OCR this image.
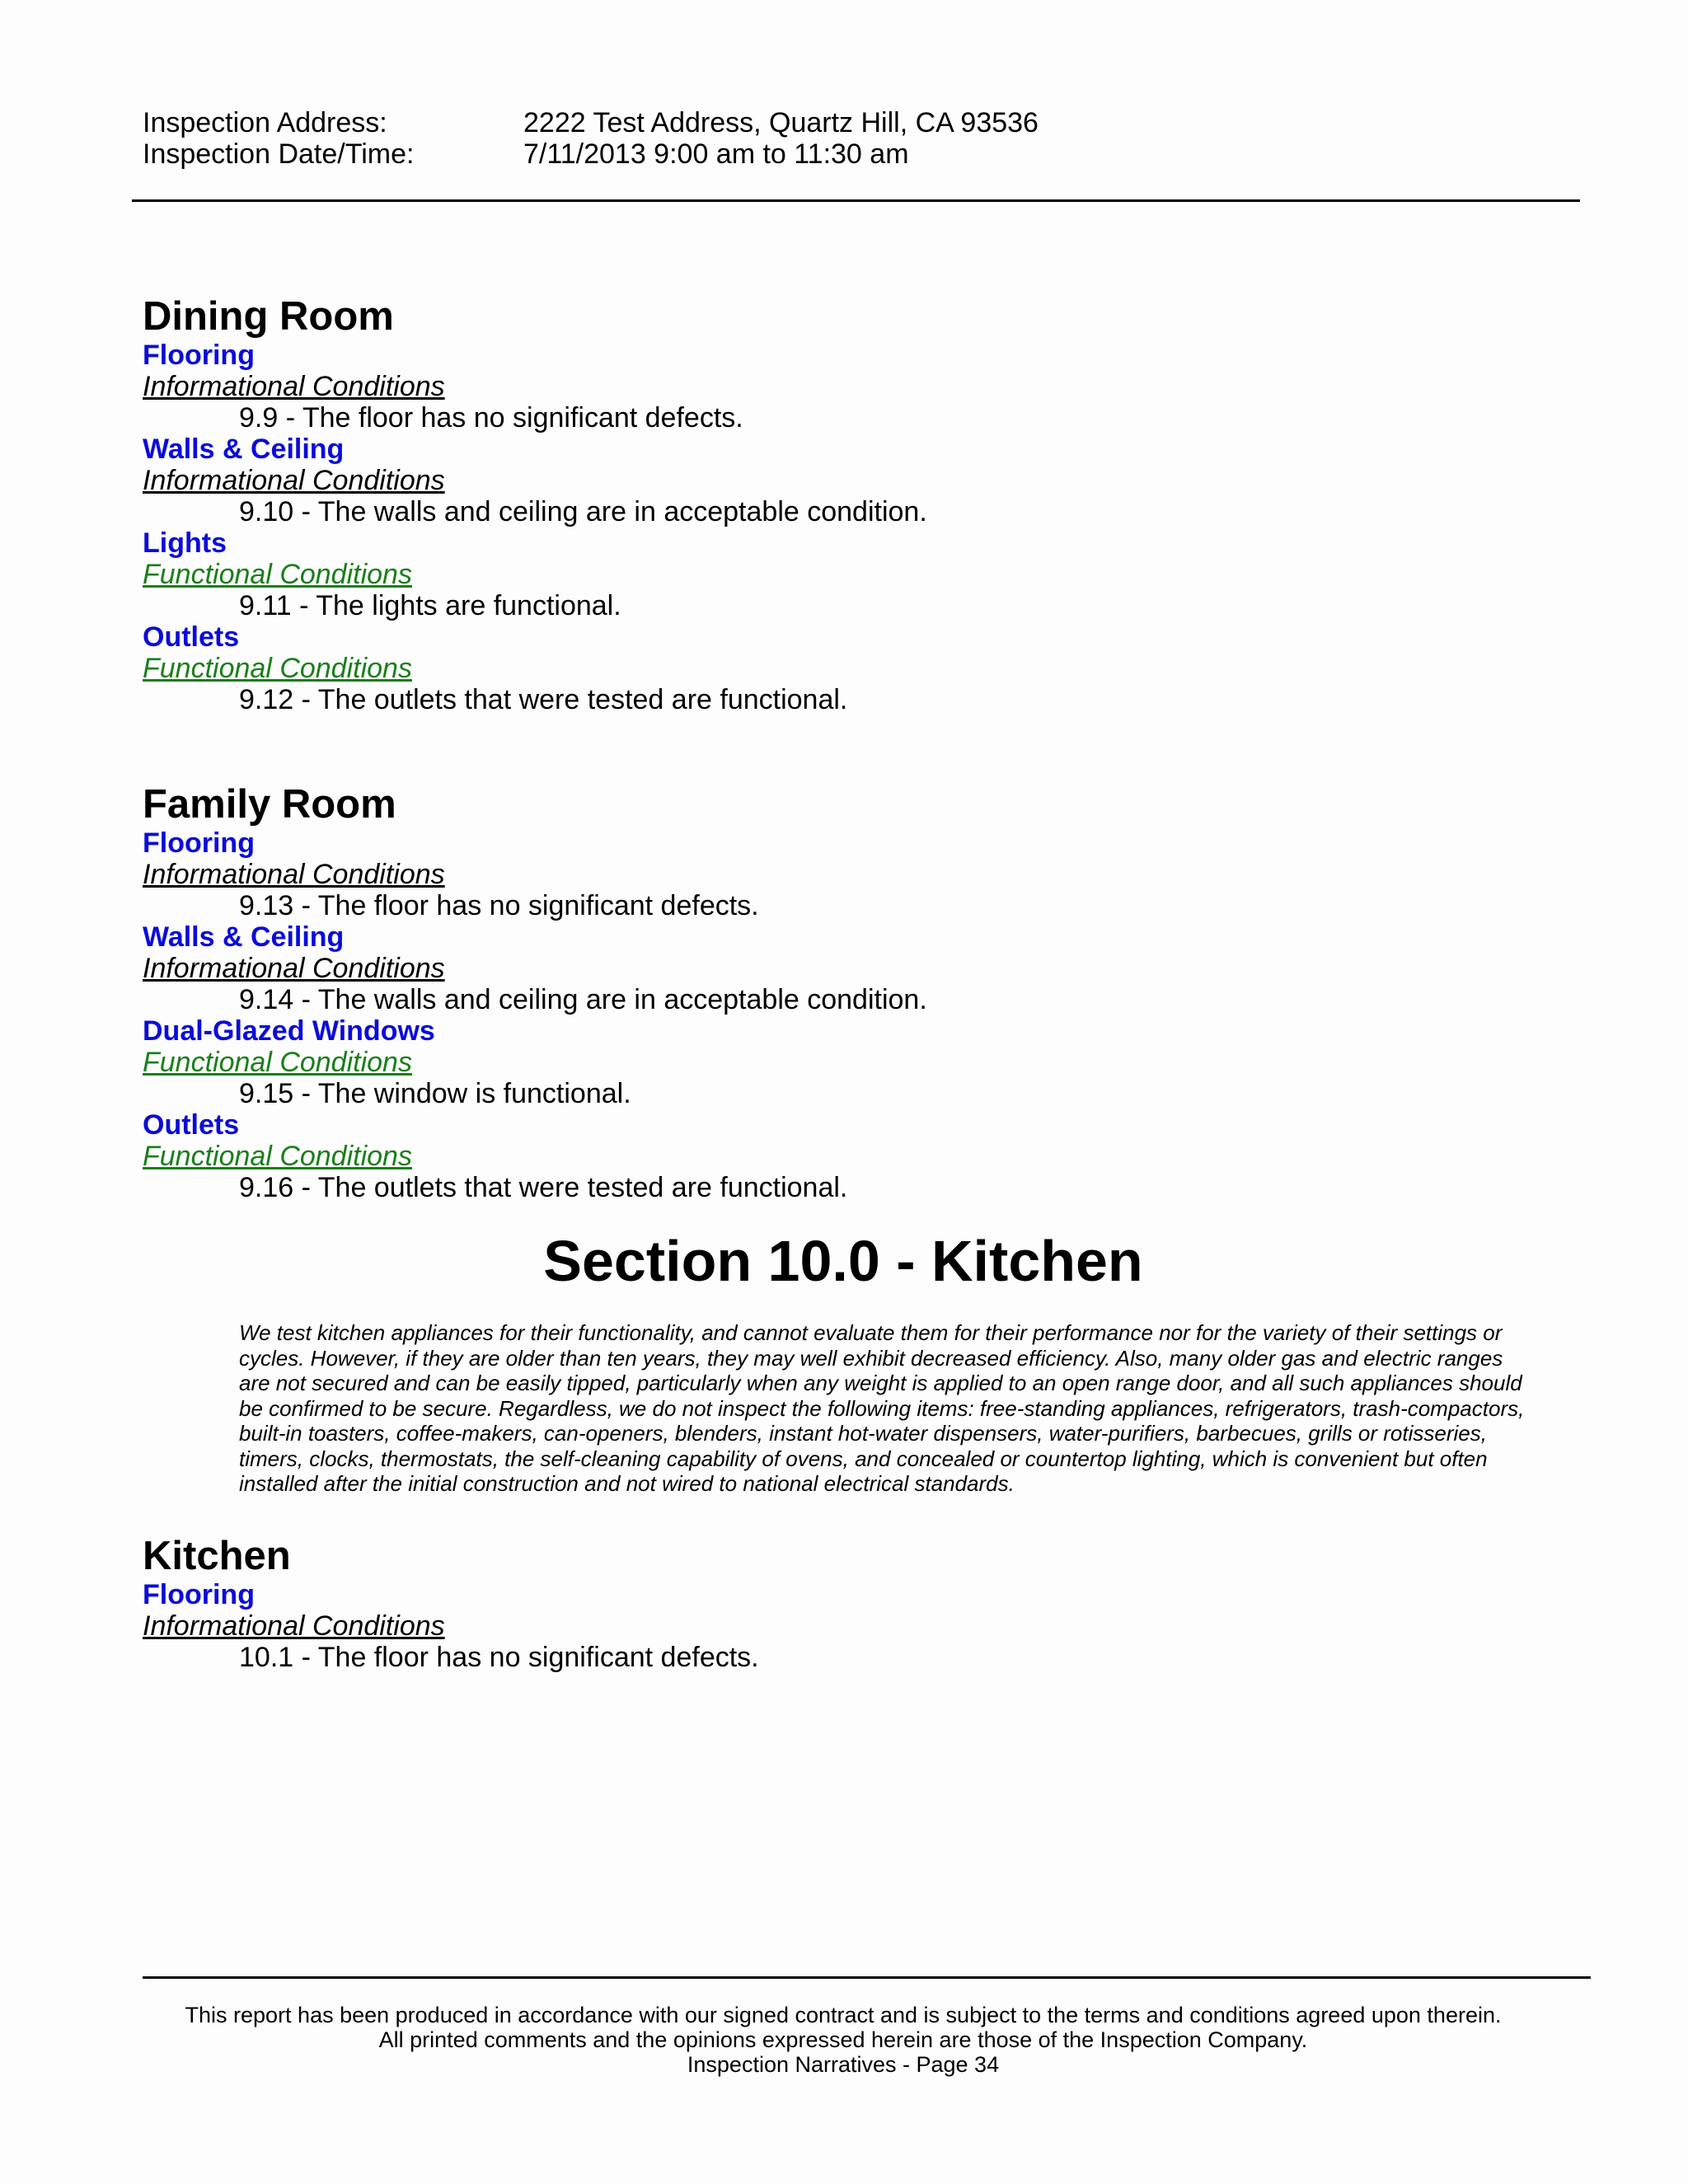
Inspection Address:	2222 Test Address, Quartz Hill, CA 93536
Inspection Date/Time:	7/11/2013 9:00 am to 11:30 am
Dining Room
Flooring
Informational Conditions
9.9 - The floor has no significant defects.
Walls & Ceiling
Informational Conditions
9.10 - The walls and ceiling are in acceptable condition.
Lights
Functional Conditions
9.11 - The lights are functional.
Outlets
Functional Conditions
9.12 - The outlets that were tested are functional.
Family Room
Flooring
Informational Conditions
9.13 - The floor has no significant defects.
Walls & Ceiling
Informational Conditions
9.14 - The walls and ceiling are in acceptable condition.
Dual-Glazed Windows
Functional Conditions
9.15 - The window is functional.
Outlets
Functional Conditions
9.16 - The outlets that were tested are functional.
Section 10.0 - Kitchen
We test kitchen appliances for their functionality, and cannot evaluate them for their performance nor for the variety of their settings or cycles. However, if they are older than ten years, they may well exhibit decreased efficiency. Also, many older gas and electric ranges are not secured and can be easily tipped, particularly when any weight is applied to an open range door, and all such appliances should be confirmed to be secure. Regardless, we do not inspect the following items: free-standing appliances, refrigerators, trash-compactors, built-in toasters, coffee-makers, can-openers, blenders, instant hot-water dispensers, water-purifiers, barbecues, grills or rotisseries, timers, clocks, thermostats, the self-cleaning capability of ovens, and concealed or countertop lighting, which is convenient but often installed after the initial construction and not wired to national electrical standards.
Kitchen
Flooring
Informational Conditions
10.1 - The floor has no significant defects.
This report has been produced in accordance with our signed contract and is subject to the terms and conditions agreed upon therein.
All printed comments and the opinions expressed herein are those of the Inspection Company.
Inspection Narratives - Page 34
